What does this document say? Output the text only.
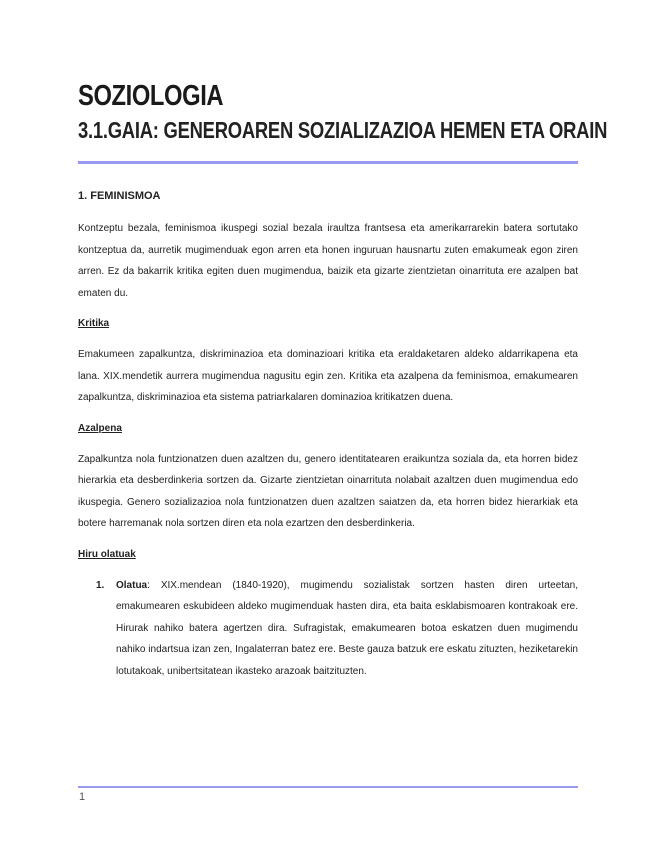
SOZIOLOGIA
3.1.GAIA: GENEROAREN SOZIALIZAZIOA HEMEN ETA ORAIN
1. FEMINISMOA

Kontzeptu bezala, feminismoa ikuspegi sozial bezala iraultza frantsesa eta amerikarrarekin batera sortutako kontzeptua da, aurretik mugimenduak egon arren eta honen inguruan hausnartu zuten emakumeak egon ziren arren. Ez da bakarrik kritika egiten duen mugimendua, baizik eta gizarte zientzietan oinarrituta ere azalpen bat ematen du.

Kritika

Emakumeen zapalkuntza, diskriminazioa eta dominazioari kritika eta eraldaketaren aldeko aldarrikapena eta lana. XIX.mendetik aurrera mugimendua nagusitu egin zen. Kritika eta azalpena da feminismoa, emakumearen zapalkuntza, diskriminazioa eta sistema patriarkalaren dominazioa kritikatzen duena.

Azalpena

Zapalkuntza nola funtzionatzen duen azaltzen du, genero identitatearen eraikuntza soziala da, eta horren bidez hierarkia eta desberdinkeria sortzen da. Gizarte zientzietan oinarrituta nolabait azaltzen duen mugimendua edo ikuspegia. Genero sozializazioa nola funtzionatzen duen azaltzen saiatzen da, eta horren bidez hierarkiak eta botere harremanak nola sortzen diren eta nola ezartzen den desberdinkeria.

Hiru olatuak
1. Olatua: XIX.mendean (1840-1920), mugimendu sozialistak sortzen hasten diren urteetan, emakumearen eskubideen aldeko mugimenduak hasten dira, eta baita esklabismoaren kontrakoak ere. Hirurak nahiko batera agertzen dira. Sufragistak, emakumearen botoa eskatzen duen mugimendu nahiko indartsua izan zen, Ingalaterran batez ere. Beste gauza batzuk ere eskatu zituzten, heziketarekin lotutakoak, unibertsitatean ikasteko arazoak baitzituzten.
1
